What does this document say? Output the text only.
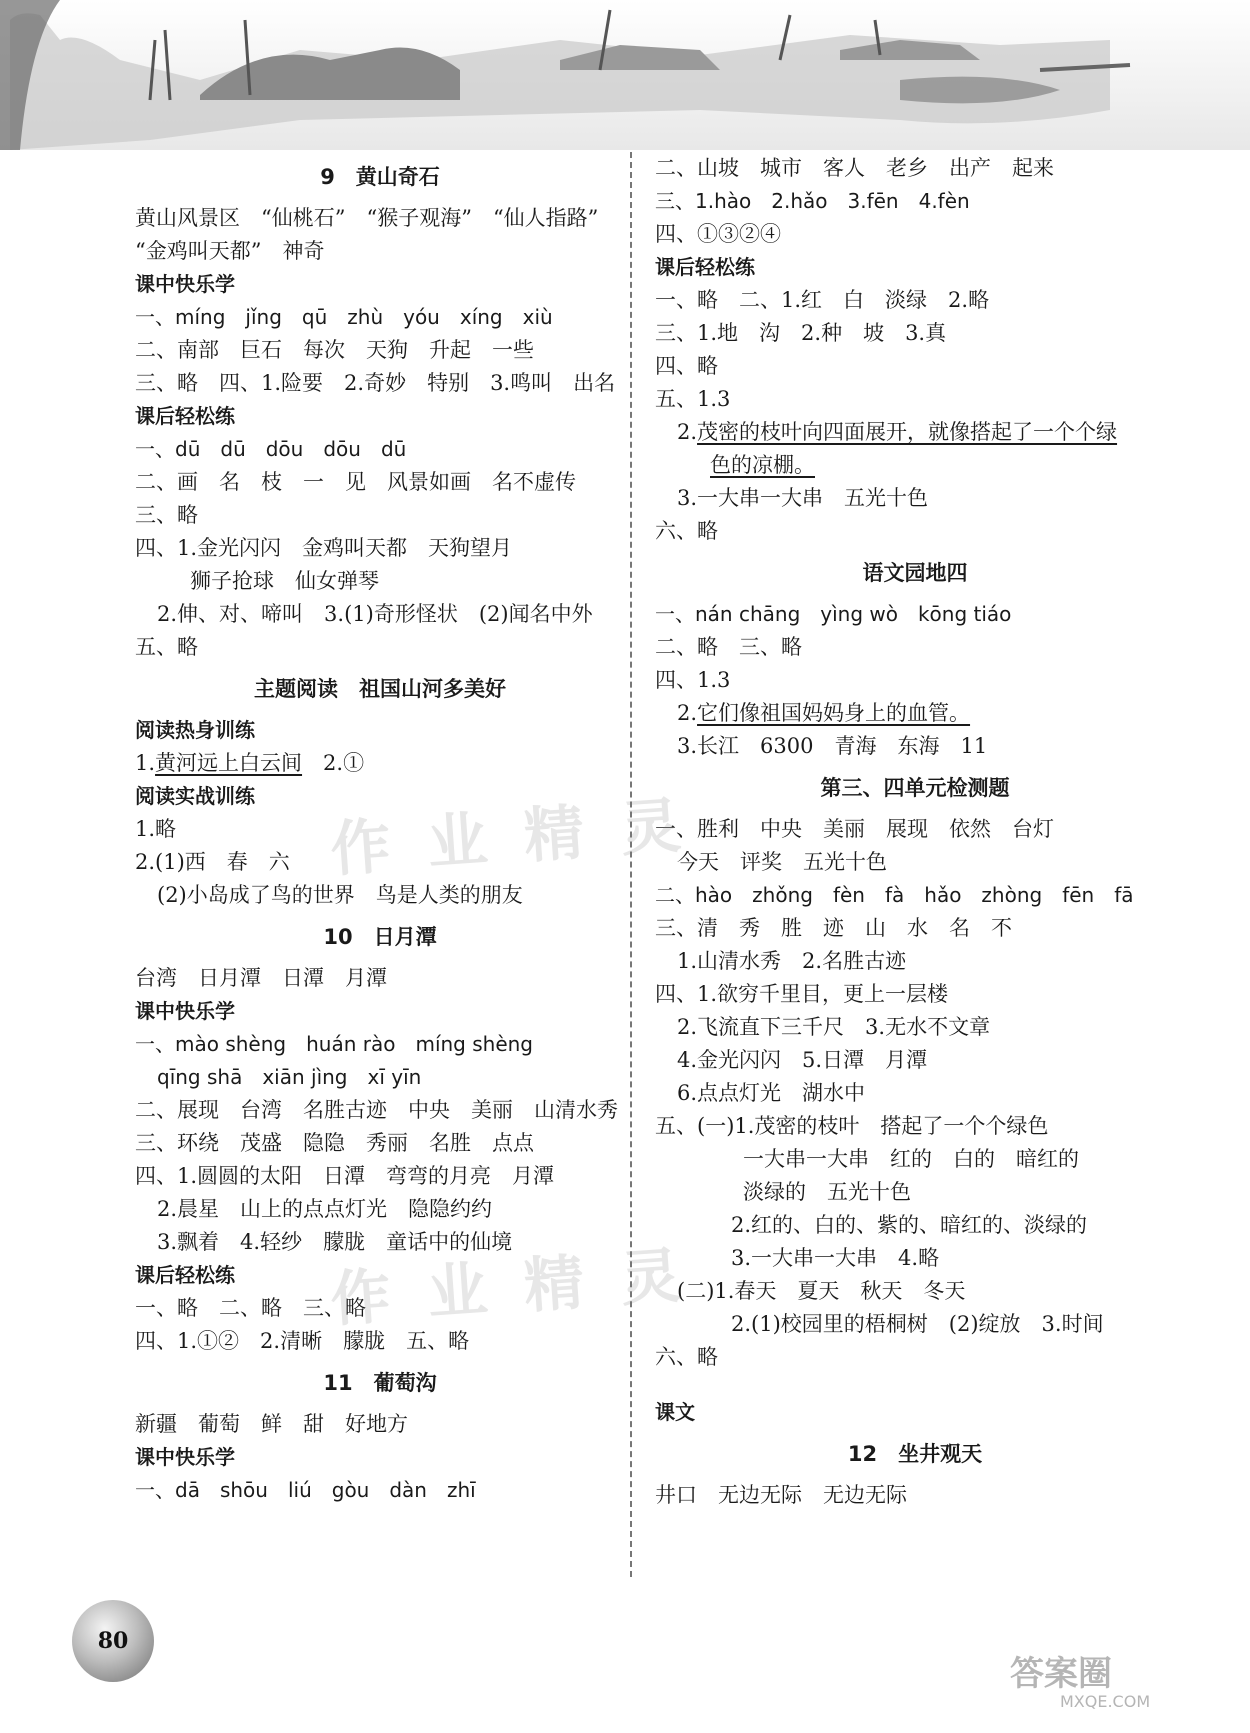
9　黄山奇石
黄山风景区　“仙桃石”　“猴子观海”　“仙人指路”
“金鸡叫天都”　神奇
课中快乐学
一、míng　jǐng　qū　zhù　yóu　xíng　xiù
二、南部　巨石　每次　天狗　升起　一些
三、略　四、1.险要　2.奇妙　特别　3.鸣叫　出名
课后轻松练
一、dū　dū　dōu　dōu　dū
二、画　名　枝　一　见　风景如画　名不虚传
三、略
四、1.金光闪闪　金鸡叫天都　天狗望月
狮子抢球　仙女弹琴
2.伸、对、啼叫　3.(1)奇形怪状　(2)闻名中外
五、略
主题阅读　祖国山河多美好
阅读热身训练
1.黄河远上白云间　2.①
阅读实战训练
1.略
2.(1)西　春　六
(2)小岛成了鸟的世界　鸟是人类的朋友
10　日月潭
台湾　日月潭　日潭　月潭
课中快乐学
一、mào shèng　huán rào　míng shèng
qīng shā　xiān jìng　xī yīn
二、展现　台湾　名胜古迹　中央　美丽　山清水秀
三、环绕　茂盛　隐隐　秀丽　名胜　点点
四、1.圆圆的太阳　日潭　弯弯的月亮　月潭
2.晨星　山上的点点灯光　隐隐约约
3.飘着　4.轻纱　朦胧　童话中的仙境
课后轻松练
一、略　二、略　三、略
四、1.①②　2.清晰　朦胧　五、略
11　葡萄沟
新疆　葡萄　鲜　甜　好地方
课中快乐学
一、dā　shōu　liú　gòu　dàn　zhī
二、山坡　城市　客人　老乡　出产　起来
三、1.hào　2.hǎo　3.fēn　4.fèn
四、①③②④
课后轻松练
一、略　二、1.红　白　淡绿　2.略
三、1.地　沟　2.种　坡　3.真
四、略
五、1.3
2.茂密的枝叶向四面展开，就像搭起了一个个绿
色的凉棚。
3.一大串一大串　五光十色
六、略
语文园地四
一、nán chāng　yìng wò　kōng tiáo
二、略　三、略
四、1.3
2.它们像祖国妈妈身上的血管。
3.长江　6300　青海　东海　11
第三、四单元检测题
一、胜利　中央　美丽　展现　依然　台灯
今天　评奖　五光十色
二、hào　zhǒng　fèn　fà　hǎo　zhòng　fēn　fā
三、清　秀　胜　迹　山　水　名　不
1.山清水秀　2.名胜古迹
四、1.欲穷千里目，更上一层楼
2.飞流直下三千尺　3.无水不文章
4.金光闪闪　5.日潭　月潭
6.点点灯光　湖水中
五、(一)1.茂密的枝叶　搭起了一个个绿色
一大串一大串　红的　白的　暗红的
淡绿的　五光十色
　2.红的、白的、紫的、暗红的、淡绿的
　3.一大串一大串　4.略
(二)1.春天　夏天　秋天　冬天
　2.(1)校园里的梧桐树　(2)绽放　3.时间
六、略
课文
12　坐井观天
井口　无边无际　无边无际
作 业 精 灵
作 业 精 灵
80
答案圈
MXQE.COM
